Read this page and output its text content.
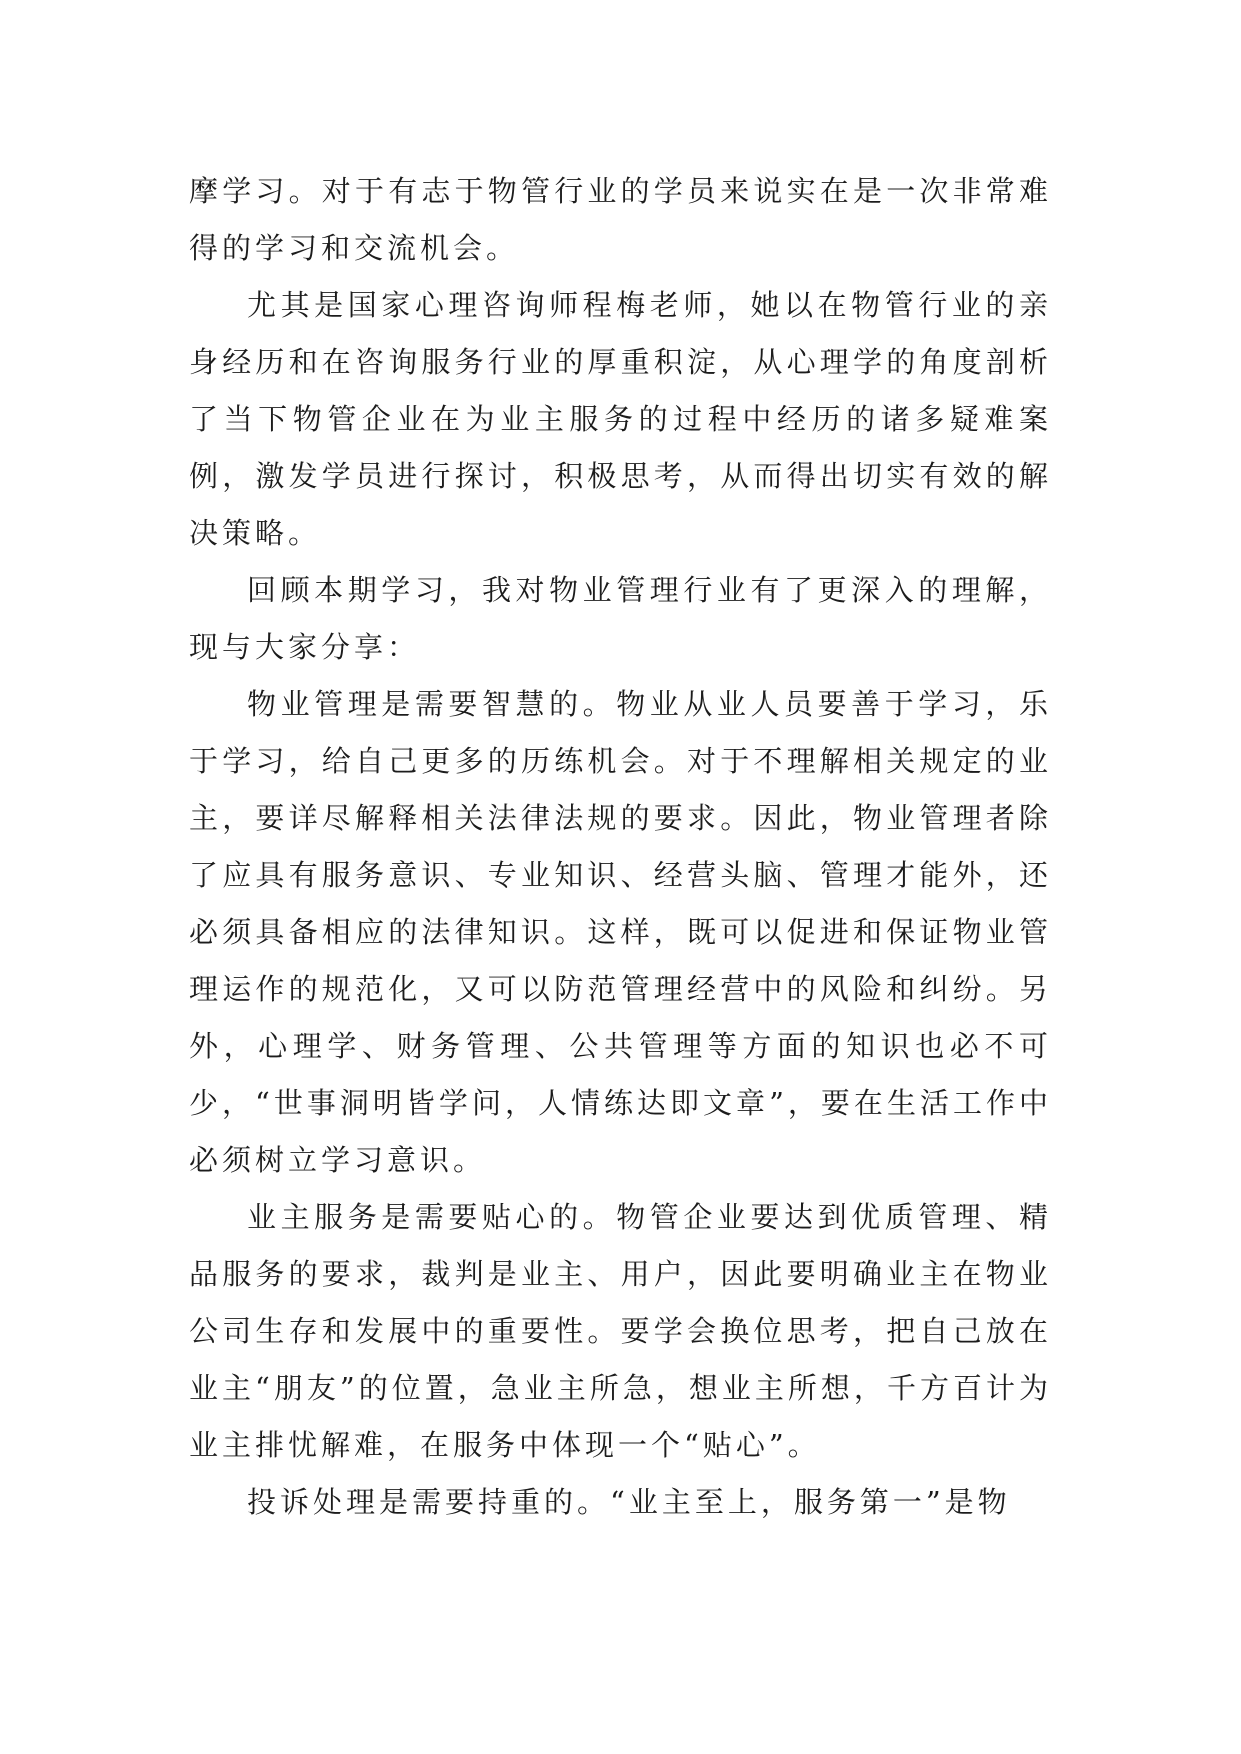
摩学习。对于有志于物管行业的学员来说实在是一次非常难得的学习和交流机会。

尤其是国家心理咨询师程梅老师，她以在物管行业的亲身经历和在咨询服务行业的厚重积淀，从心理学的角度剖析了当下物管企业在为业主服务的过程中经历的诸多疑难案例，激发学员进行探讨，积极思考，从而得出切实有效的解决策略。

回顾本期学习，我对物业管理行业有了更深入的理解，现与大家分享：

物业管理是需要智慧的。物业从业人员要善于学习，乐于学习，给自己更多的历练机会。对于不理解相关规定的业主，要详尽解释相关法律法规的要求。因此，物业管理者除了应具有服务意识、专业知识、经营头脑、管理才能外，还必须具备相应的法律知识。这样，既可以促进和保证物业管理运作的规范化，又可以防范管理经营中的风险和纠纷。另外，心理学、财务管理、公共管理等方面的知识也必不可少，“世事洞明皆学问，人情练达即文章”，要在生活工作中必须树立学习意识。

业主服务是需要贴心的。物管企业要达到优质管理、精品服务的要求，裁判是业主、用户，因此要明确业主在物业公司生存和发展中的重要性。要学会换位思考，把自己放在业主“朋友”的位置，急业主所急，想业主所想，千方百计为业主排忧解难，在服务中体现一个“贴心”。

投诉处理是需要持重的。“业主至上，服务第一”是物
